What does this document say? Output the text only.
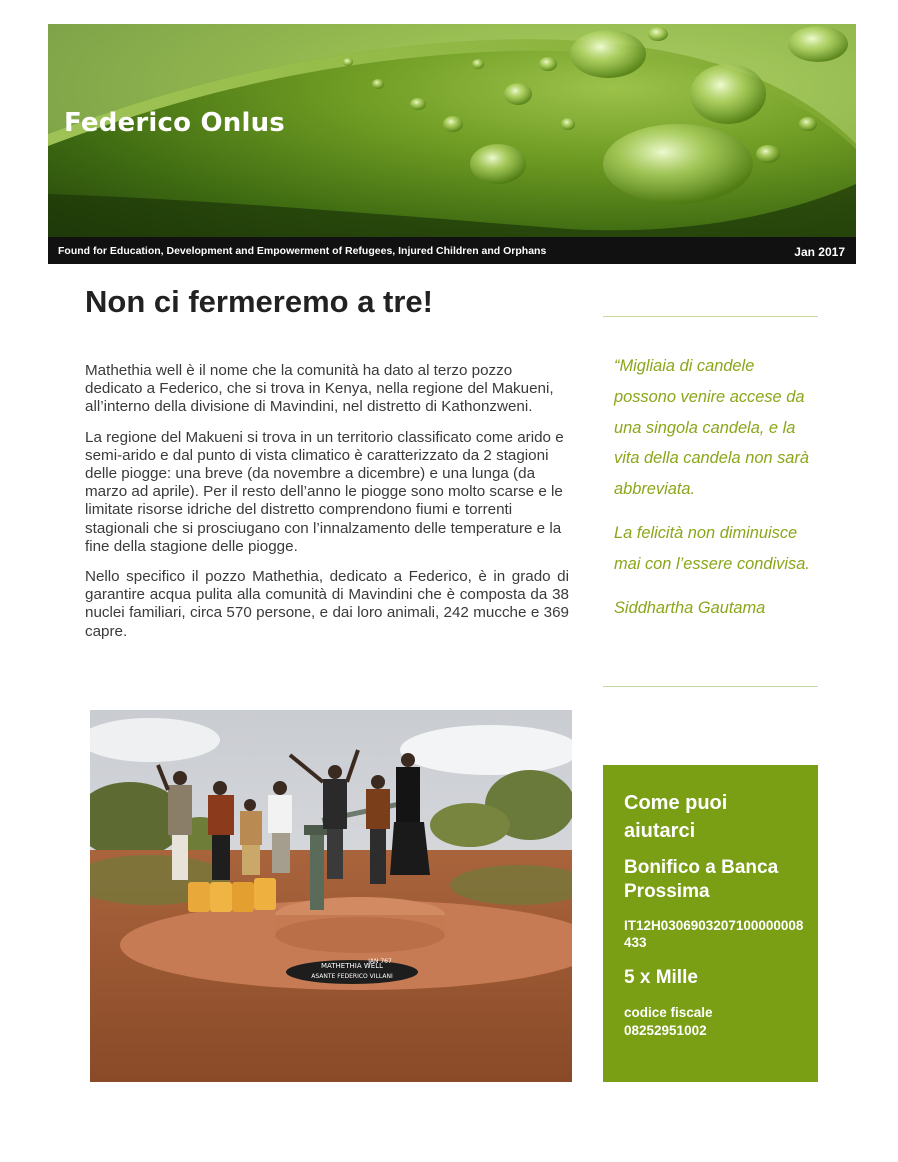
Federico Onlus
Found for Education, Development and Empowerment of Refugees, Injured Children and Orphans	Jan 2017
Non ci fermeremo a tre!

Mathethia well è il nome che la comunità ha dato al terzo pozzo dedicato a Federico, che si trova in Kenya, nella regione del Makueni, all’interno della divisione di Mavindini, nel distretto di Kathonzweni.

La regione del Makueni si trova in un territorio classificato come arido e semi-arido e dal punto di vista climatico è caratterizzato da 2 stagioni delle piogge: una breve (da novembre a dicembre) e una lunga (da marzo ad aprile). Per il resto dell’anno le piogge sono molto scarse e le limitate risorse idriche del distretto comprendono fiumi e torrenti stagionali che si prosciugano con l’innalzamento delle temperature e la fine della stagione delle piogge.

Nello specifico il pozzo Mathethia, dedicato a Federico, è in grado di garantire acqua pulita alla comunità di Mavindini che è composta da 38 nuclei familiari, circa 570 persone, e dai loro animali, 242 mucche e 369 capre.

“Migliaia di candele possono venire accese da una singola candela, e la vita della candela non sarà abbreviata.

La felicità non diminuisce mai con l’essere condivisa.

Siddhartha Gautama

MATHETHIA WELL
JAN 767
ASANTE FEDERICO VILLANI
Come puoi aiutarci
Bonifico a Banca Prossima
IT12H0306903207100000008433
5 x Mille
codice fiscale
08252951002
